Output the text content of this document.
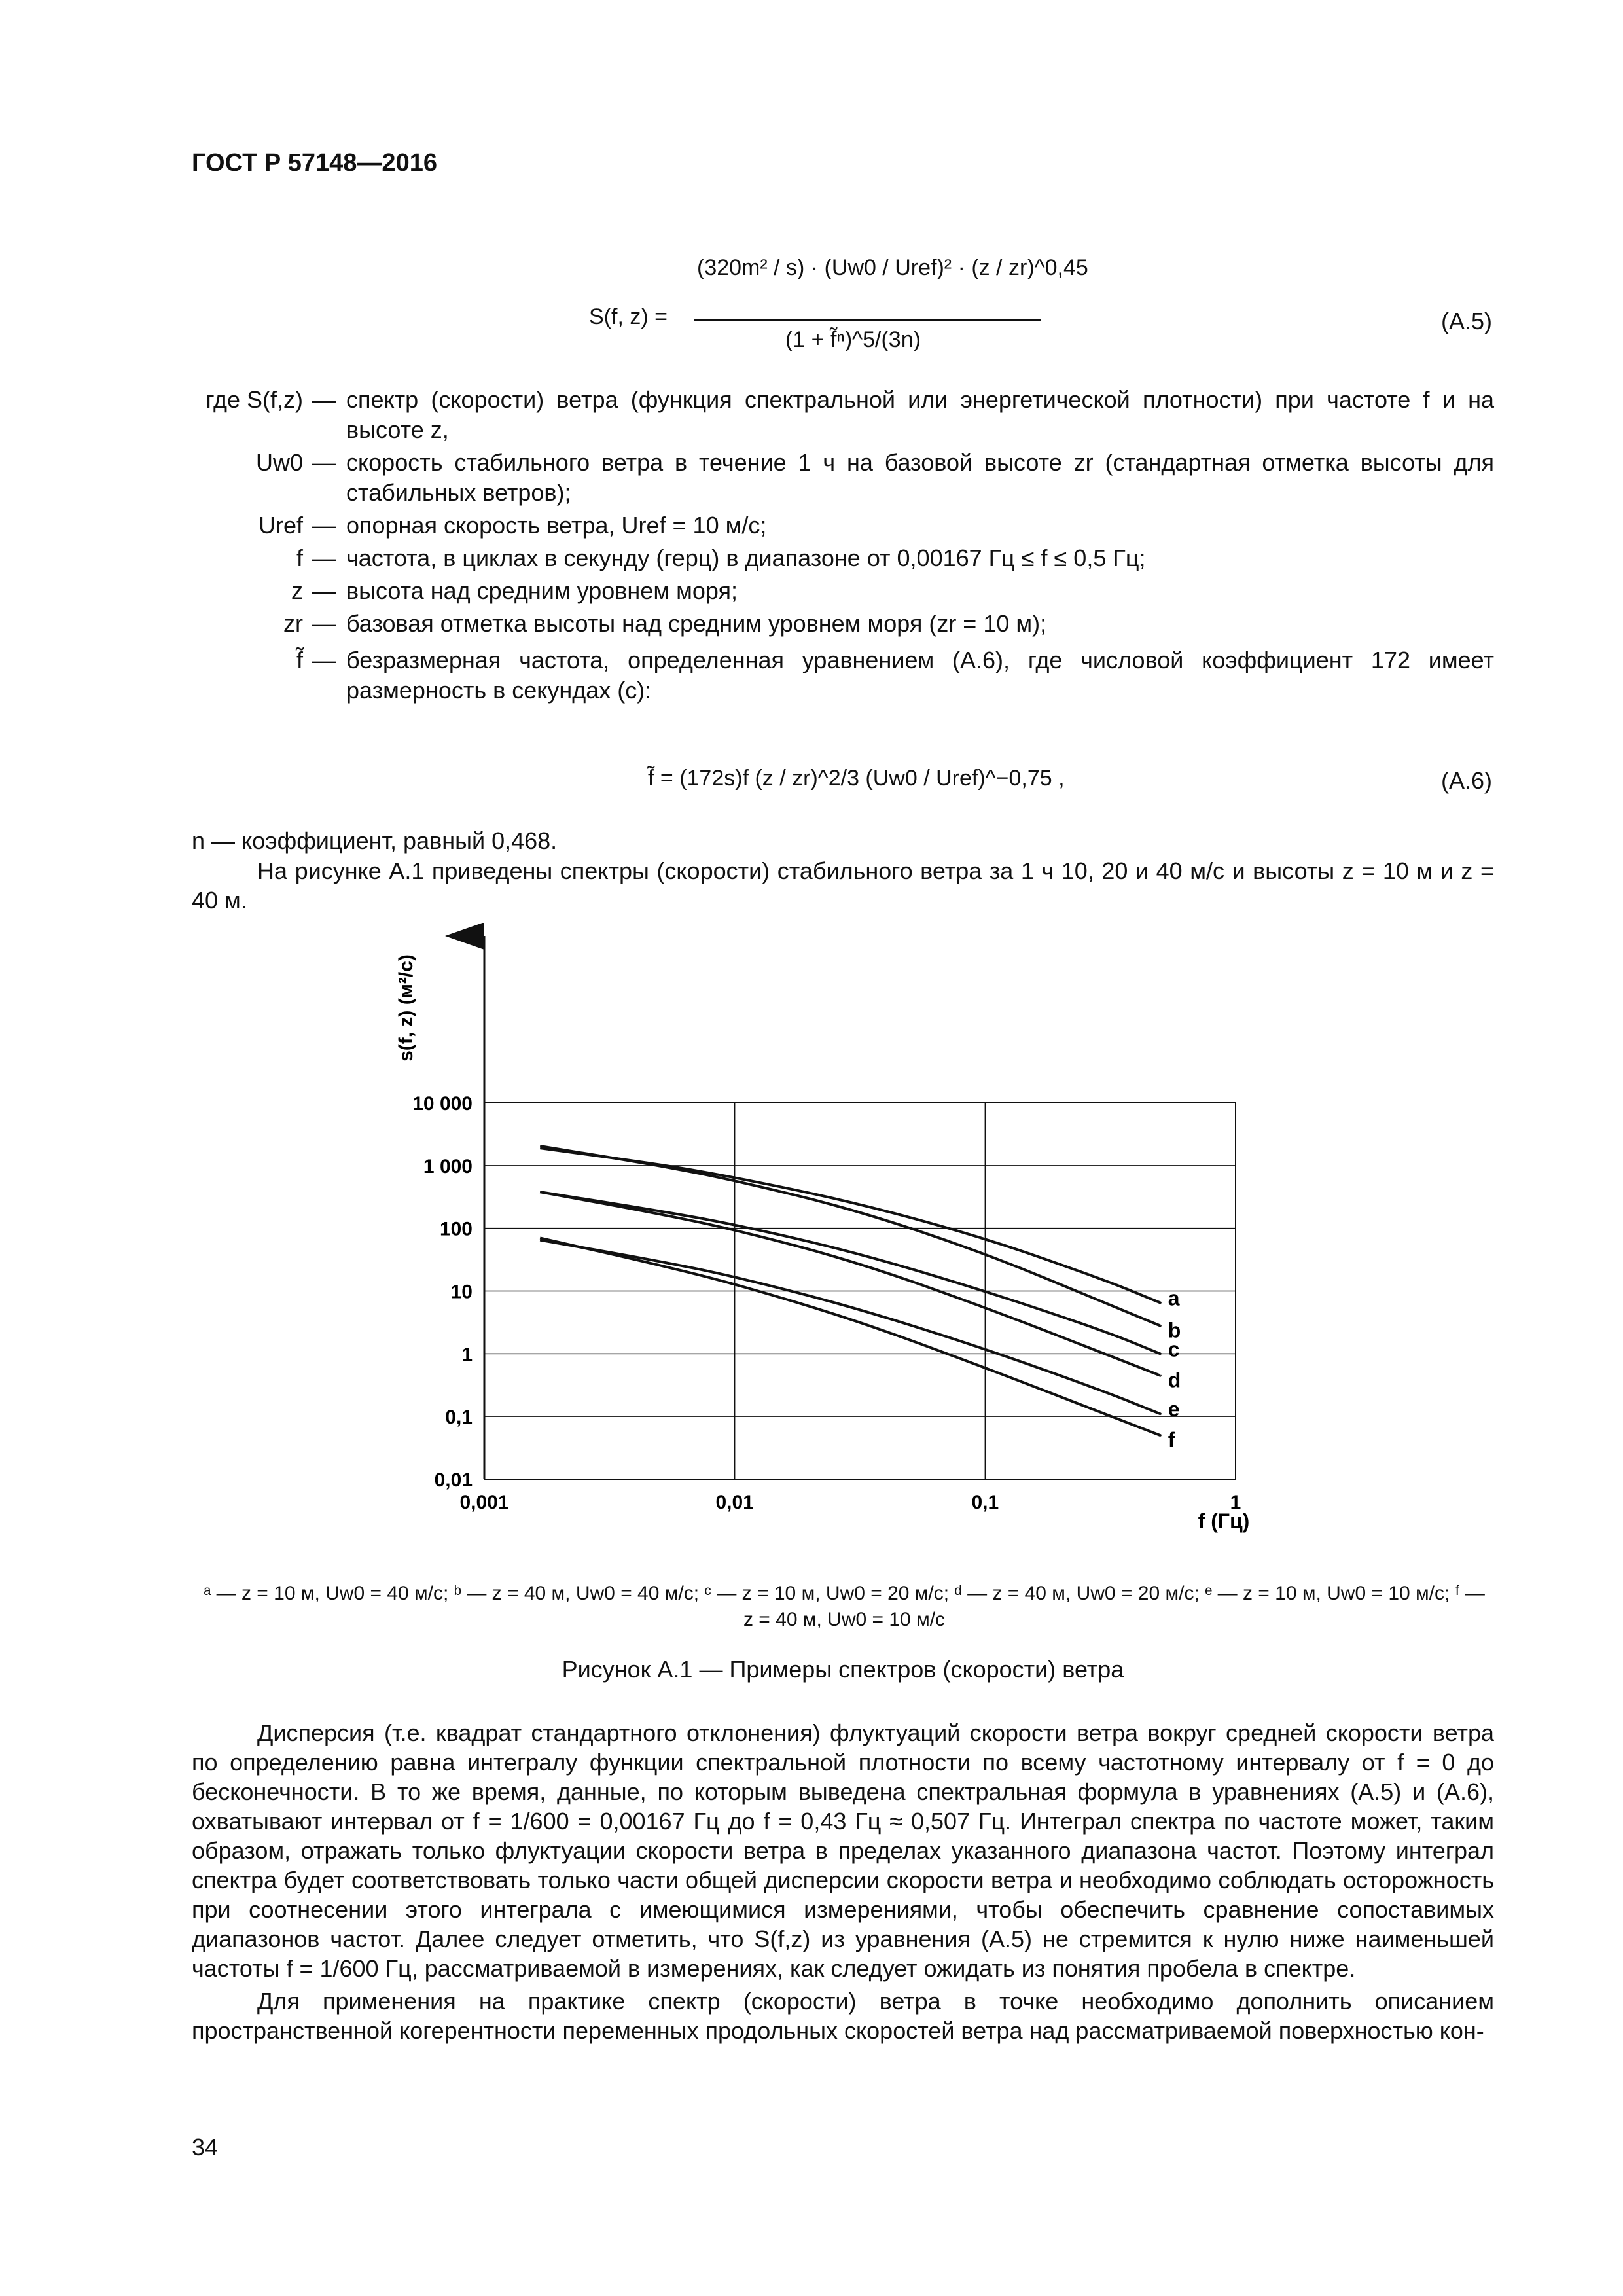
ГОСТ Р 57148—2016
S(f, z) =
(320m² / s) · (Uw0 / Uref)² · (z / zr)^0,45
(1 + f̃ⁿ)^5/(3n)
(A.5)
где S(f,z) — спектр (скорости) ветра (функция спектральной или энергетической плотности) при частоте f и на высоте z,
Uw0 — скорость стабильного ветра в течение 1 ч на базовой высоте zr (стандартная отметка высоты для стабильных ветров);
Uref — опорная скорость ветра, Uref = 10 м/с;
f — частота, в циклах в секунду (герц) в диапазоне от 0,00167 Гц ≤ f ≤ 0,5 Гц;
z — высота над средним уровнем моря;
zr — базовая отметка высоты над средним уровнем моря (zr = 10 м);
f̃ — безразмерная частота, определенная уравнением (A.6), где числовой коэффициент 172 имеет размерность в секундах (с):
f̃ = (172s)f (z / zr)^2/3 (Uw0 / Uref)^−0,75 ,	(A.6)
n — коэффициент, равный 0,468.
На рисунке А.1 приведены спектры (скорости) стабильного ветра за 1 ч 10, 20 и 40 м/с и высоты z = 10 м и z = 40 м.
0,01
0,1
1
10
100
1 000
10 000
0,001	0,01	0,1	1
a
b
c
d
e
f
s(f, z) (м²/с)
f (Гц)
ᵃ — z = 10 м, Uw0 = 40 м/с; ᵇ — z = 40 м, Uw0 = 40 м/с; ᶜ — z = 10 м, Uw0 = 20 м/с; ᵈ — z = 40 м, Uw0 = 20 м/с; ᵉ — z = 10 м, Uw0 = 10 м/с; ᶠ — z = 40 м, Uw0 = 10 м/с
Рисунок А.1 — Примеры спектров (скорости) ветра
Дисперсия (т.е. квадрат стандартного отклонения) флуктуаций скорости ветра вокруг средней скорости ветра по определению равна интегралу функции спектральной плотности по всему частотному интервалу от f = 0 до бесконечности. В то же время, данные, по которым выведена спектральная формула в уравнениях (A.5) и (A.6), охватывают интервал от f = 1/600 = 0,00167 Гц до f = 0,43 Гц ≈ 0,507 Гц. Интеграл спектра по частоте может, таким образом, отражать только флуктуации скорости ветра в пределах указанного диапазона частот. Поэтому интеграл спектра будет соответствовать только части общей дисперсии скорости ветра и необходимо соблюдать осторожность при соотнесении этого интеграла с имеющимися измерениями, чтобы обеспечить сравнение сопоставимых диапазонов частот. Далее следует отметить, что S(f,z) из уравнения (A.5) не стремится к нулю ниже наименьшей частоты f = 1/600 Гц, рассматриваемой в измерениях, как следует ожидать из понятия пробела в спектре.
Для применения на практике спектр (скорости) ветра в точке необходимо дополнить описанием пространственной когерентности переменных продольных скоростей ветра над рассматриваемой поверхностью кон-
34
